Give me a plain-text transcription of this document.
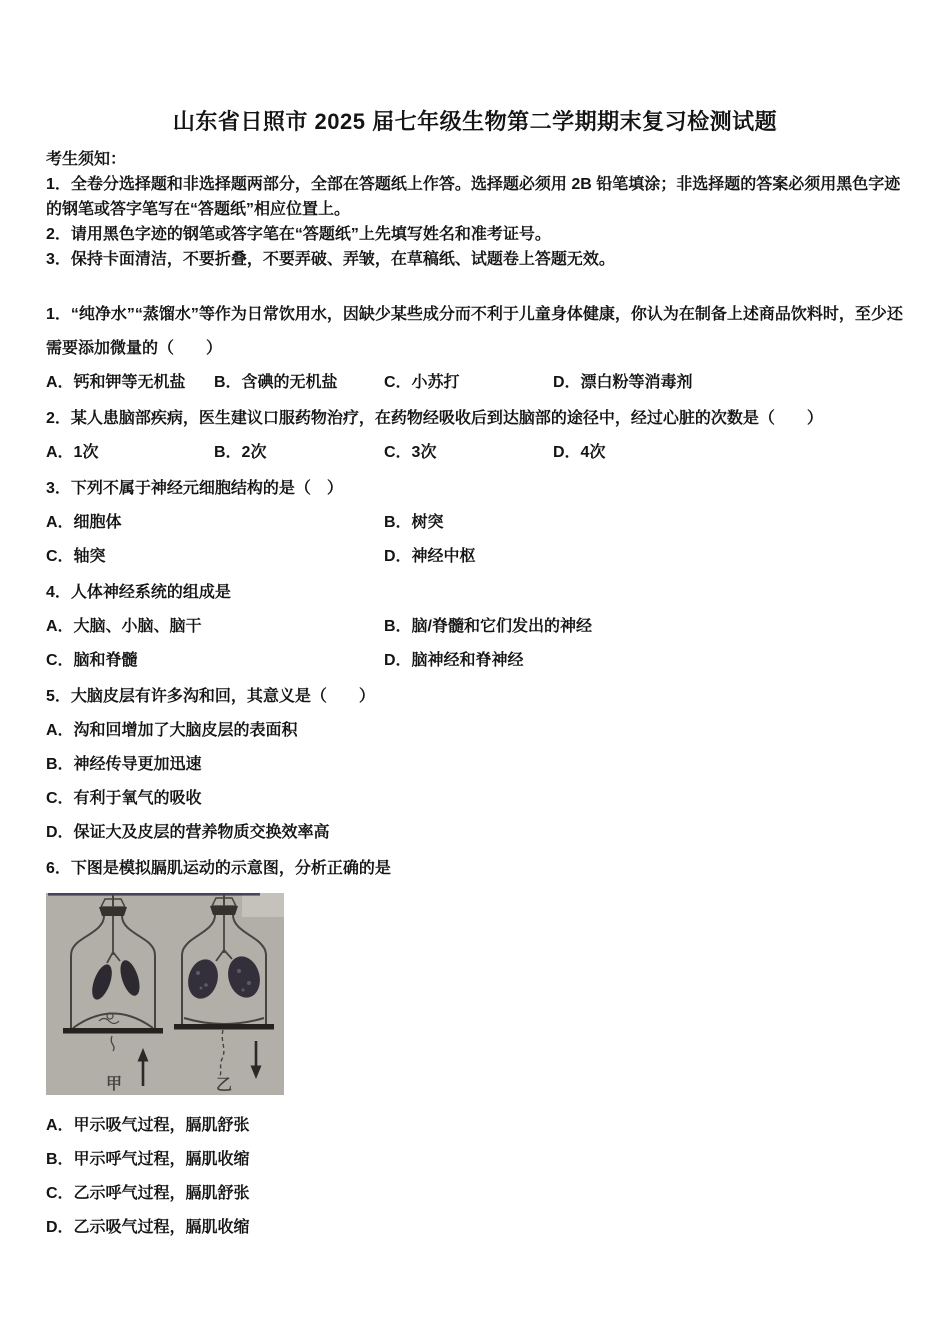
山东省日照市 2025 届七年级生物第二学期期末复习检测试题
考生须知：
1．全卷分选择题和非选择题两部分，全部在答题纸上作答。选择题必须用 2B 铅笔填涂；非选择题的答案必须用黑色字迹的钢笔或答字笔写在“答题纸”相应位置上。
2．请用黑色字迹的钢笔或答字笔在“答题纸”上先填写姓名和准考证号。
3．保持卡面清洁，不要折叠，不要弄破、弄皱，在草稿纸、试题卷上答题无效。
1．“纯净水”“蒸馏水”等作为日常饮用水，因缺少某些成分而不利于儿童身体健康，你认为在制备上述商品饮料时，至少还需要添加微量的（　　）
A．钙和钾等无机盐	B．含碘的无机盐	C．小苏打	D．漂白粉等消毒剂
2．某人患脑部疾病，医生建议口服药物治疗，在药物经吸收后到达脑部的途径中，经过心脏的次数是（　　）
A．1次	B．2次	C．3次	D．4次
3．下列不属于神经元细胞结构的是（　）
A．细胞体	B．树突
C．轴突	D．神经中枢
4．人体神经系统的组成是
A．大脑、小脑、脑干	B．脑/脊髓和它们发出的神经
C．脑和脊髓	D．脑神经和脊神经
5．大脑皮层有许多沟和回，其意义是（　　）
A．沟和回增加了大脑皮层的表面积
B．神经传导更加迅速
C．有利于氧气的吸收
D．保证大及皮层的营养物质交换效率高
6．下图是模拟膈肌运动的示意图，分析正确的是
甲	乙
A．甲示吸气过程，膈肌舒张
B．甲示呼气过程，膈肌收缩
C．乙示呼气过程，膈肌舒张
D．乙示吸气过程，膈肌收缩
